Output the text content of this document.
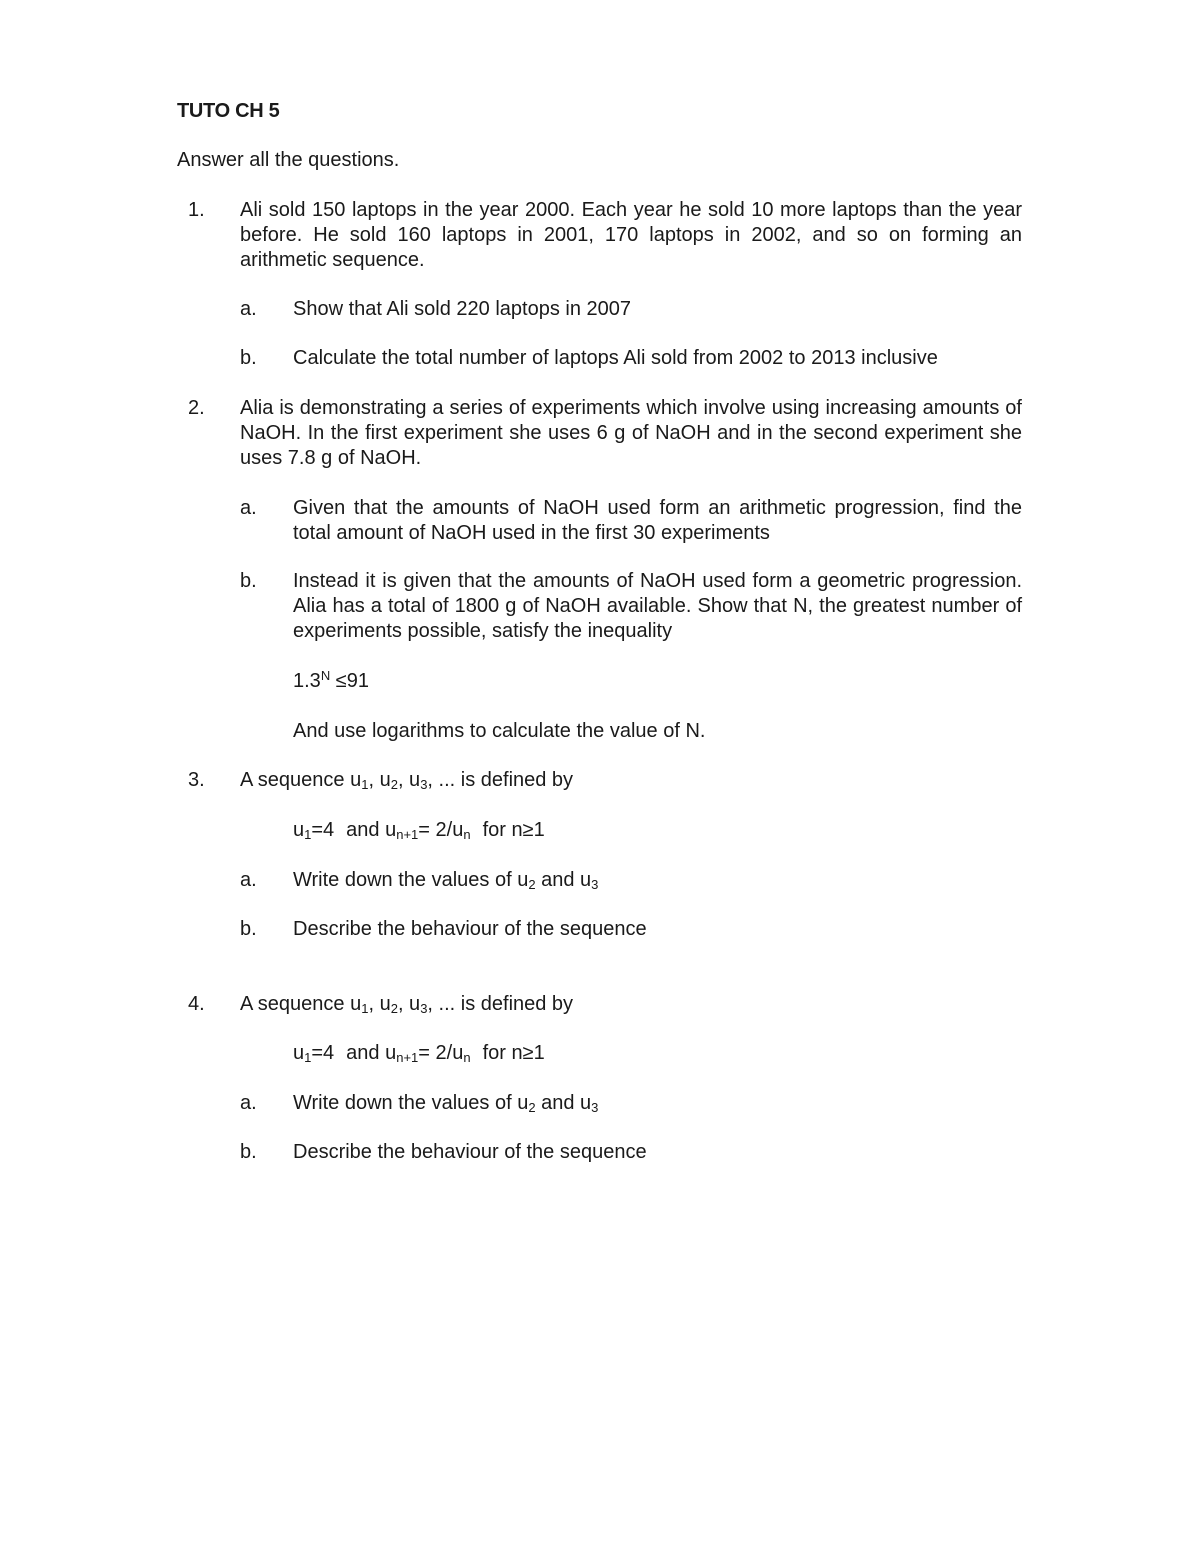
TUTO CH 5
Answer all the questions.
1. Ali sold 150 laptops in the year 2000. Each year he sold 10 more laptops than the year before. He sold 160 laptops in 2001, 170 laptops in 2002, and so on forming an arithmetic sequence.
a. Show that Ali sold 220 laptops in 2007
b. Calculate the total number of laptops Ali sold from 2002 to 2013 inclusive
2. Alia is demonstrating a series of experiments which involve using increasing amounts of NaOH. In the first experiment she uses 6 g of NaOH and in the second experiment she uses 7.8 g of NaOH.
a. Given that the amounts of NaOH used form an arithmetic progression, find the total amount of NaOH used in the first 30 experiments
b. Instead it is given that the amounts of NaOH used form a geometric progression. Alia has a total of 1800 g of NaOH available. Show that N, the greatest number of experiments possible, satisfy the inequality
$1.3^N \le 91$
And use logarithms to calculate the value of N.
3. A sequence $u_1$, $u_2$, $u_3$, ... is defined by
$u_1=4$ and $u_{n+1}= 2/u_n$ for n≥1
a. Write down the values of $u_2$ and $u_3$
b. Describe the behaviour of the sequence
4. A sequence $u_1$, $u_2$, $u_3$, ... is defined by
$u_1=4$ and $u_{n+1}= 2/u_n$ for n≥1
a. Write down the values of $u_2$ and $u_3$
b. Describe the behaviour of the sequence
